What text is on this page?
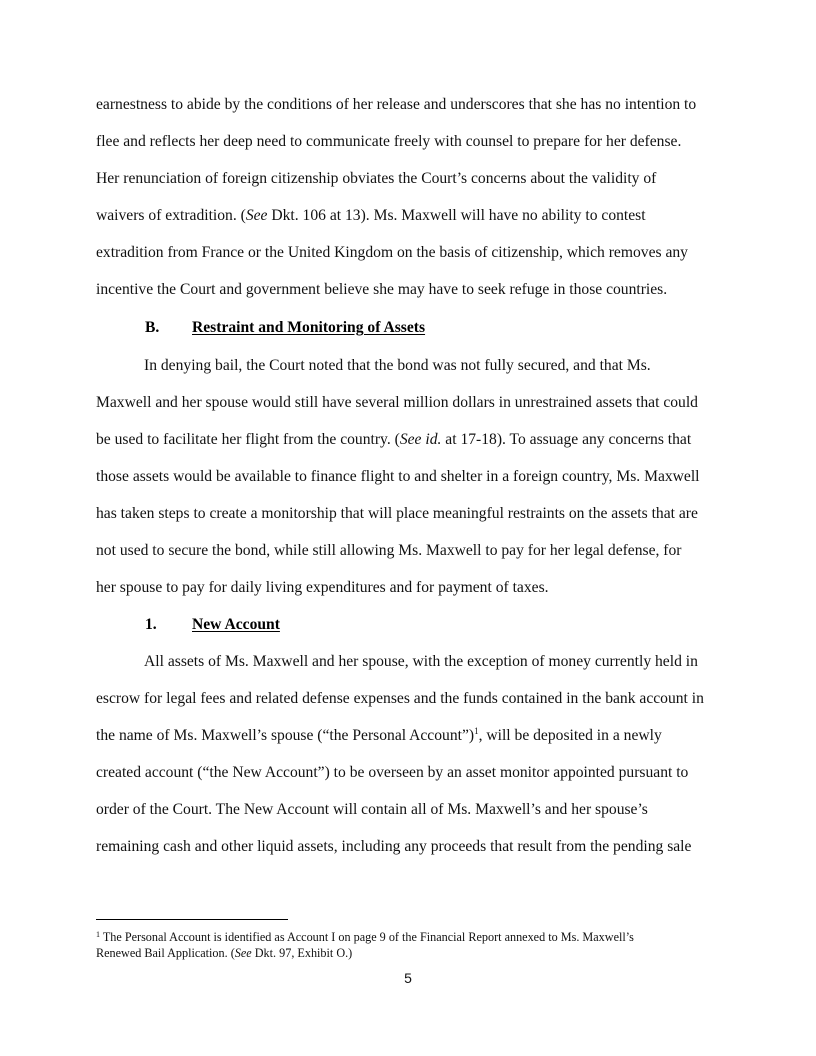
earnestness to abide by the conditions of her release and underscores that she has no intention to
flee and reflects her deep need to communicate freely with counsel to prepare for her defense.
Her renunciation of foreign citizenship obviates the Court’s concerns about the validity of
waivers of extradition. (See Dkt. 106 at 13). Ms. Maxwell will have no ability to contest
extradition from France or the United Kingdom on the basis of citizenship, which removes any
incentive the Court and government believe she may have to seek refuge in those countries.
B. Restraint and Monitoring of Assets
In denying bail, the Court noted that the bond was not fully secured, and that Ms.
Maxwell and her spouse would still have several million dollars in unrestrained assets that could
be used to facilitate her flight from the country. (See id. at 17-18). To assuage any concerns that
those assets would be available to finance flight to and shelter in a foreign country, Ms. Maxwell
has taken steps to create a monitorship that will place meaningful restraints on the assets that are
not used to secure the bond, while still allowing Ms. Maxwell to pay for her legal defense, for
her spouse to pay for daily living expenditures and for payment of taxes.
1. New Account
All assets of Ms. Maxwell and her spouse, with the exception of money currently held in
escrow for legal fees and related defense expenses and the funds contained in the bank account in
the name of Ms. Maxwell’s spouse (“the Personal Account”)$^1$, will be deposited in a newly
created account (“the New Account”) to be overseen by an asset monitor appointed pursuant to
order of the Court. The New Account will contain all of Ms. Maxwell’s and her spouse’s
remaining cash and other liquid assets, including any proceeds that result from the pending sale
$^1$ The Personal Account is identified as Account I on page 9 of the Financial Report annexed to Ms. Maxwell’s
Renewed Bail Application. (See Dkt. 97, Exhibit O.)
5
